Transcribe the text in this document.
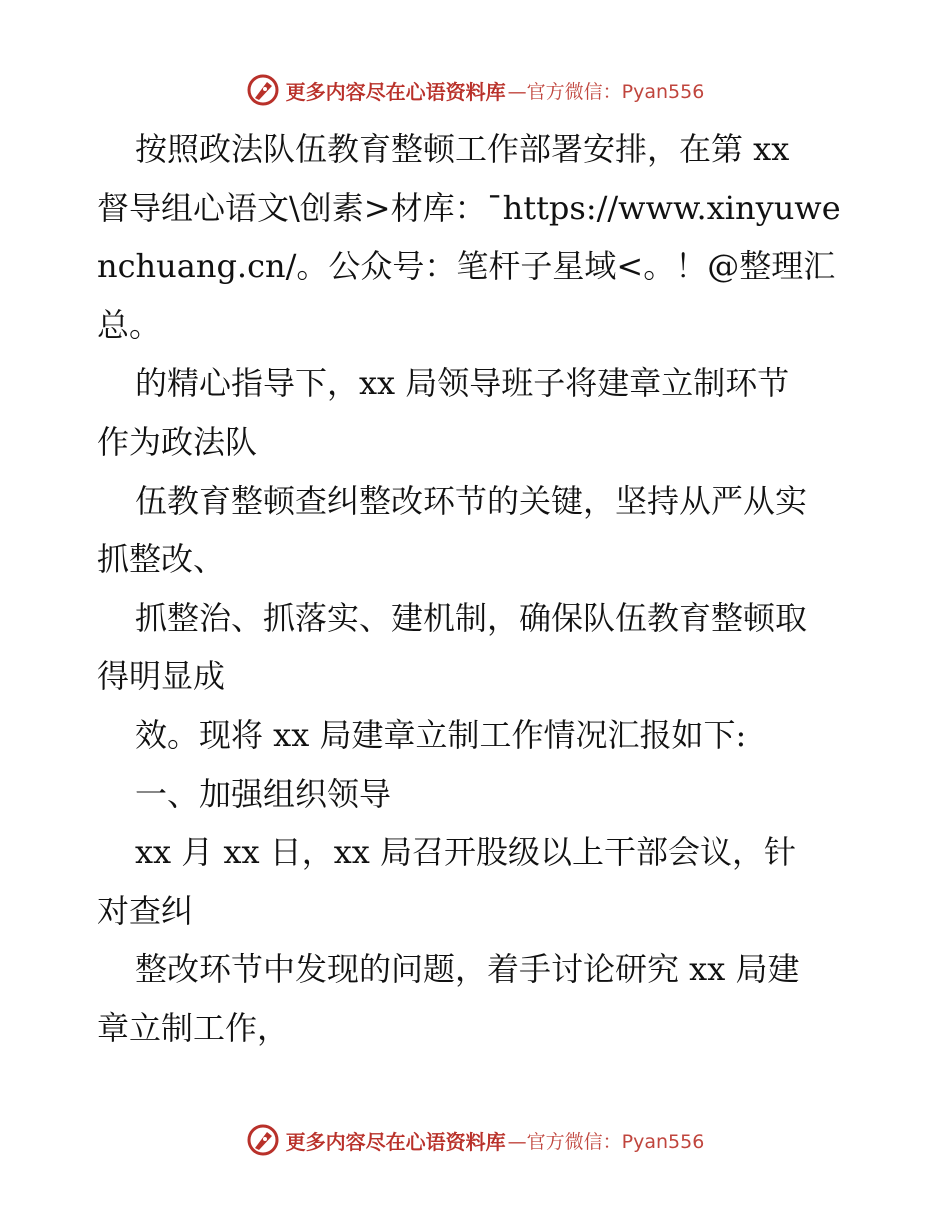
更多内容尽在心语资料库 —官方微信：Pyan556
按照政法队伍教育整顿工作部署安排，在第 xx
督导组心语文\创素>材库：¯https://www.xinyuwe
nchuang.cn/。公众号：笔杆子星域<。！@整理汇
总。
的精心指导下，xx 局领导班子将建章立制环节
作为政法队
伍教育整顿查纠整改环节的关键，坚持从严从实
抓整改、
抓整治、抓落实、建机制，确保队伍教育整顿取
得明显成
效。现将 xx 局建章立制工作情况汇报如下:
一、加强组织领导
xx 月 xx 日，xx 局召开股级以上干部会议，针
对查纠
整改环节中发现的问题，着手讨论研究 xx 局建
章立制工作，
更多内容尽在心语资料库 —官方微信：Pyan556
